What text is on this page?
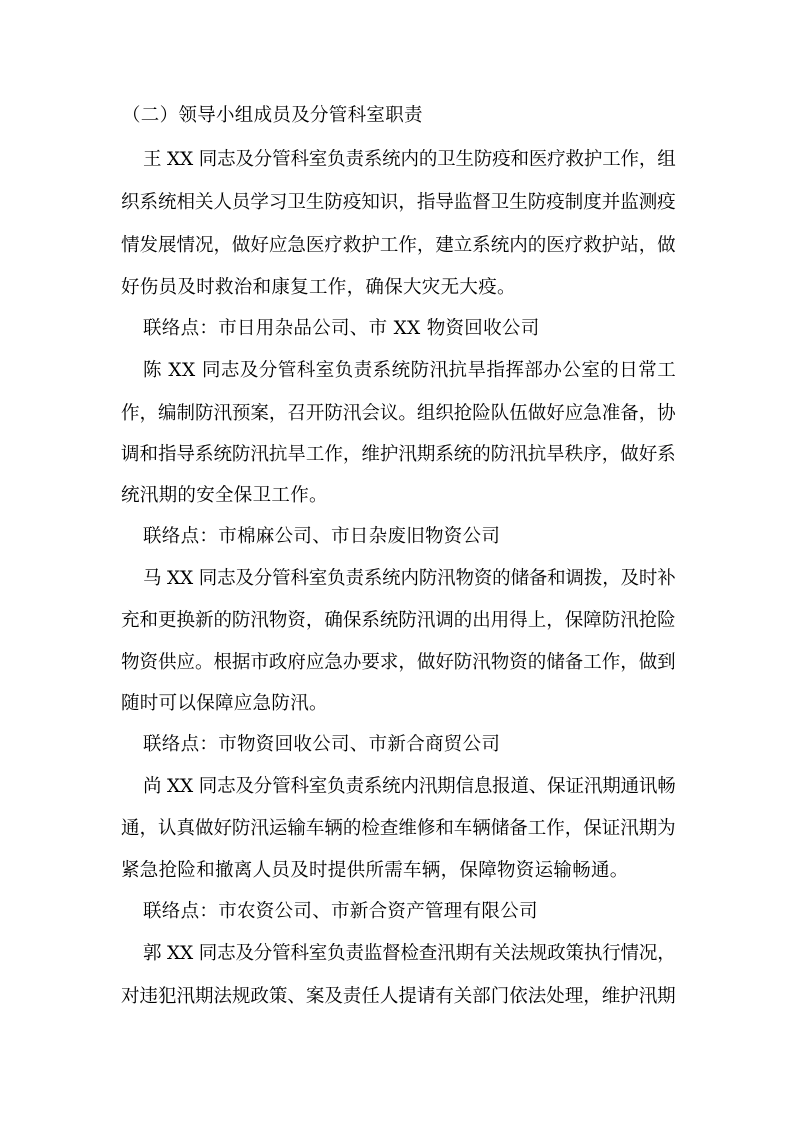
（二）领导小组成员及分管科室职责
王 XX 同志及分管科室负责系统内的卫生防疫和医疗救护工作，组
织系统相关人员学习卫生防疫知识，指导监督卫生防疫制度并监测疫
情发展情况，做好应急医疗救护工作，建立系统内的医疗救护站，做
好伤员及时救治和康复工作，确保大灾无大疫。
联络点：市日用杂品公司、市 XX 物资回收公司
陈 XX 同志及分管科室负责系统防汛抗旱指挥部办公室的日常工
作，编制防汛预案，召开防汛会议。组织抢险队伍做好应急准备，协
调和指导系统防汛抗旱工作，维护汛期系统的防汛抗旱秩序，做好系
统汛期的安全保卫工作。
联络点：市棉麻公司、市日杂废旧物资公司
马 XX 同志及分管科室负责系统内防汛物资的储备和调拨，及时补
充和更换新的防汛物资，确保系统防汛调的出用得上，保障防汛抢险
物资供应。根据市政府应急办要求，做好防汛物资的储备工作，做到
随时可以保障应急防汛。
联络点：市物资回收公司、市新合商贸公司
尚 XX 同志及分管科室负责系统内汛期信息报道、保证汛期通讯畅
通，认真做好防汛运输车辆的检查维修和车辆储备工作，保证汛期为
紧急抢险和撤离人员及时提供所需车辆，保障物资运输畅通。
联络点：市农资公司、市新合资产管理有限公司
郭 XX 同志及分管科室负责监督检查汛期有关法规政策执行情况，
对违犯汛期法规政策、案及责任人提请有关部门依法处理，维护汛期
